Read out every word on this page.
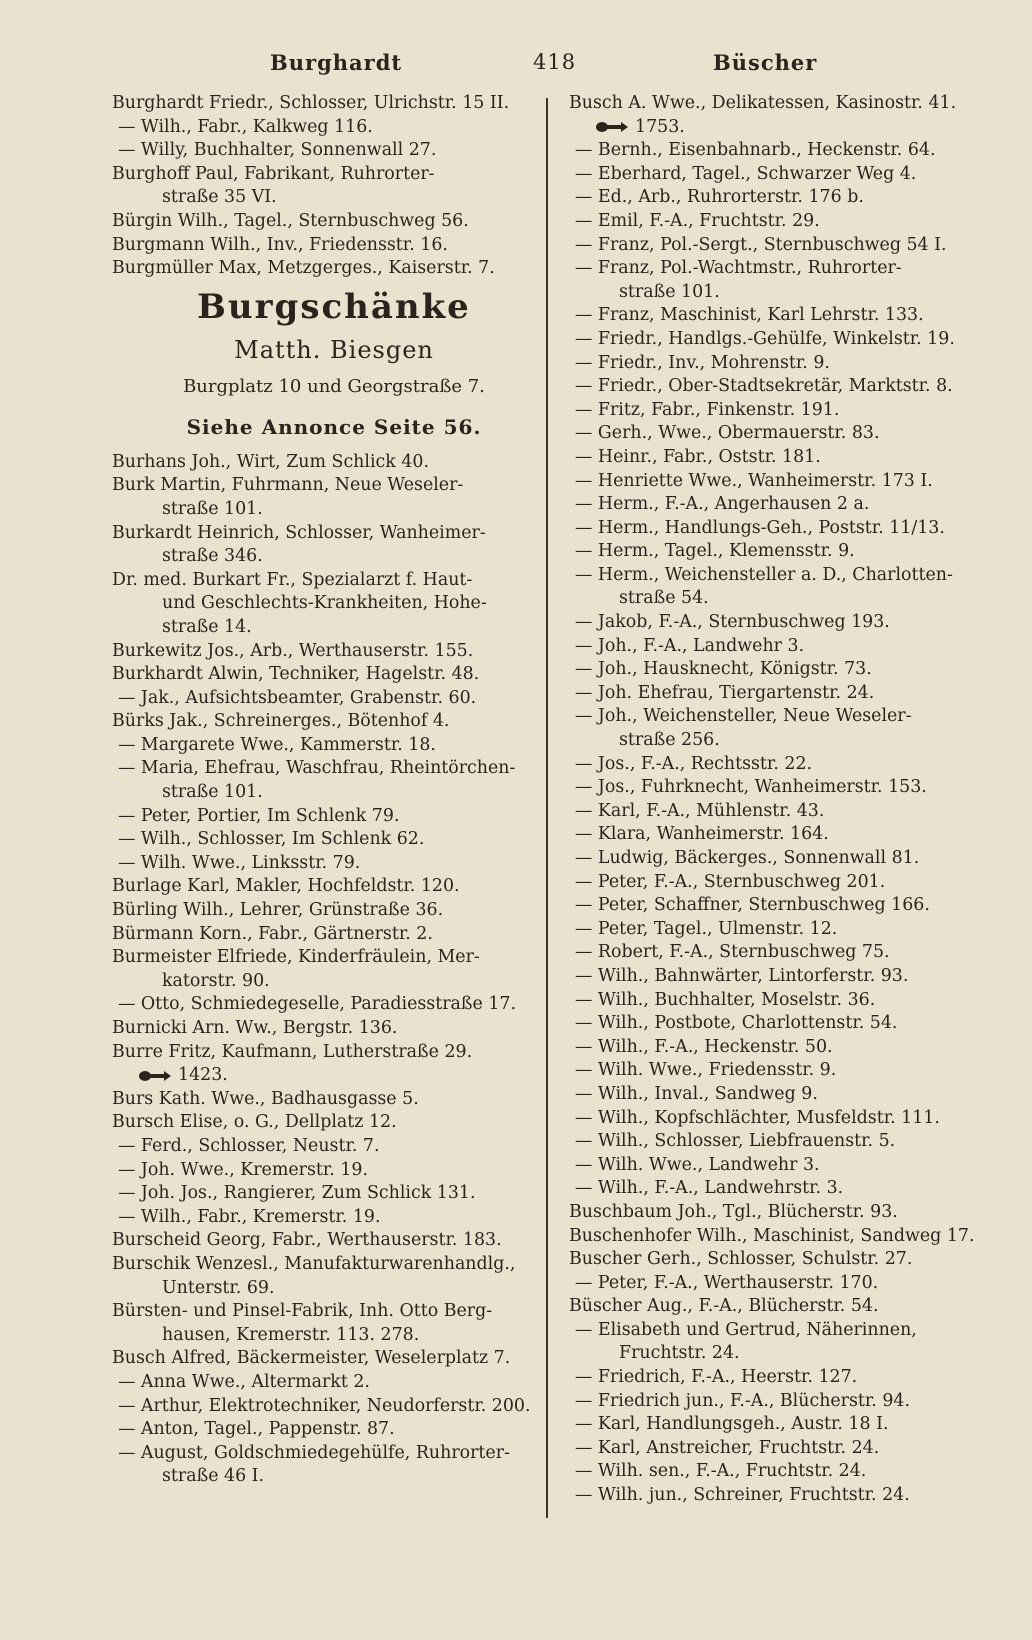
Burghardt	418	Büscher
Burghardt Friedr., Schlosser, Ulrichstr. 15 II.
— Wilh., Fabr., Kalkweg 116.
— Willy, Buchhalter, Sonnenwall 27.
Burghoff Paul, Fabrikant, Ruhrorter-
straße 35 VI.
Bürgin Wilh., Tagel., Sternbuschweg 56.
Burgmann Wilh., Inv., Friedensstr. 16.
Burgmüller Max, Metzgerges., Kaiserstr. 7.
Burgschänke
Matth. Biesgen
Burgplatz 10 und Georgstraße 7.
Siehe Annonce Seite 56.
Burhans Joh., Wirt, Zum Schlick 40.
Burk Martin, Fuhrmann, Neue Weseler-
straße 101.
Burkardt Heinrich, Schlosser, Wanheimer-
straße 346.
Dr. med. Burkart Fr., Spezialarzt f. Haut-
und Geschlechts-Krankheiten, Hohe-
straße 14.
Burkewitz Jos., Arb., Werthauserstr. 155.
Burkhardt Alwin, Techniker, Hagelstr. 48.
— Jak., Aufsichtsbeamter, Grabenstr. 60.
Bürks Jak., Schreinerges., Bötenhof 4.
— Margarete Wwe., Kammerstr. 18.
— Maria, Ehefrau, Waschfrau, Rheintörchen-
straße 101.
— Peter, Portier, Im Schlenk 79.
— Wilh., Schlosser, Im Schlenk 62.
— Wilh. Wwe., Linksstr. 79.
Burlage Karl, Makler, Hochfeldstr. 120.
Bürling Wilh., Lehrer, Grünstraße 36.
Bürmann Korn., Fabr., Gärtnerstr. 2.
Burmeister Elfriede, Kinderfräulein, Mer-
katorstr. 90.
— Otto, Schmiedegeselle, Paradiesstraße 17.
Burnicki Arn. Ww., Bergstr. 136.
Burre Fritz, Kaufmann, Lutherstraße 29.
1423.
Burs Kath. Wwe., Badhausgasse 5.
Bursch Elise, o. G., Dellplatz 12.
— Ferd., Schlosser, Neustr. 7.
— Joh. Wwe., Kremerstr. 19.
— Joh. Jos., Rangierer, Zum Schlick 131.
— Wilh., Fabr., Kremerstr. 19.
Burscheid Georg, Fabr., Werthauserstr. 183.
Burschik Wenzesl., Manufakturwarenhandlg.,
Unterstr. 69.
Bürsten- und Pinsel-Fabrik, Inh. Otto Berg-
hausen, Kremerstr. 113. 278.
Busch Alfred, Bäckermeister, Weselerplatz 7.
— Anna Wwe., Altermarkt 2.
— Arthur, Elektrotechniker, Neudorferstr. 200.
— Anton, Tagel., Pappenstr. 87.
— August, Goldschmiedegehülfe, Ruhrorter-
straße 46 I.
Busch A. Wwe., Delikatessen, Kasinostr. 41.
1753.
— Bernh., Eisenbahnarb., Heckenstr. 64.
— Eberhard, Tagel., Schwarzer Weg 4.
— Ed., Arb., Ruhrorterstr. 176 b.
— Emil, F.-A., Fruchtstr. 29.
— Franz, Pol.-Sergt., Sternbuschweg 54 I.
— Franz, Pol.-Wachtmstr., Ruhrorter-
straße 101.
— Franz, Maschinist, Karl Lehrstr. 133.
— Friedr., Handlgs.-Gehülfe, Winkelstr. 19.
— Friedr., Inv., Mohrenstr. 9.
— Friedr., Ober-Stadtsekretär, Marktstr. 8.
— Fritz, Fabr., Finkenstr. 191.
— Gerh., Wwe., Obermauerstr. 83.
— Heinr., Fabr., Oststr. 181.
— Henriette Wwe., Wanheimerstr. 173 I.
— Herm., F.-A., Angerhausen 2 a.
— Herm., Handlungs-Geh., Poststr. 11/13.
— Herm., Tagel., Klemensstr. 9.
— Herm., Weichensteller a. D., Charlotten-
straße 54.
— Jakob, F.-A., Sternbuschweg 193.
— Joh., F.-A., Landwehr 3.
— Joh., Hausknecht, Königstr. 73.
— Joh. Ehefrau, Tiergartenstr. 24.
— Joh., Weichensteller, Neue Weseler-
straße 256.
— Jos., F.-A., Rechtsstr. 22.
— Jos., Fuhrknecht, Wanheimerstr. 153.
— Karl, F.-A., Mühlenstr. 43.
— Klara, Wanheimerstr. 164.
— Ludwig, Bäckerges., Sonnenwall 81.
— Peter, F.-A., Sternbuschweg 201.
— Peter, Schaffner, Sternbuschweg 166.
— Peter, Tagel., Ulmenstr. 12.
— Robert, F.-A., Sternbuschweg 75.
— Wilh., Bahnwärter, Lintorferstr. 93.
— Wilh., Buchhalter, Moselstr. 36.
— Wilh., Postbote, Charlottenstr. 54.
— Wilh., F.-A., Heckenstr. 50.
— Wilh. Wwe., Friedensstr. 9.
— Wilh., Inval., Sandweg 9.
— Wilh., Kopfschlächter, Musfeldstr. 111.
— Wilh., Schlosser, Liebfrauenstr. 5.
— Wilh. Wwe., Landwehr 3.
— Wilh., F.-A., Landwehrstr. 3.
Buschbaum Joh., Tgl., Blücherstr. 93.
Buschenhofer Wilh., Maschinist, Sandweg 17.
Buscher Gerh., Schlosser, Schulstr. 27.
— Peter, F.-A., Werthauserstr. 170.
Büscher Aug., F.-A., Blücherstr. 54.
— Elisabeth und Gertrud, Näherinnen,
Fruchtstr. 24.
— Friedrich, F.-A., Heerstr. 127.
— Friedrich jun., F.-A., Blücherstr. 94.
— Karl, Handlungsgeh., Austr. 18 I.
— Karl, Anstreicher, Fruchtstr. 24.
— Wilh. sen., F.-A., Fruchtstr. 24.
— Wilh. jun., Schreiner, Fruchtstr. 24.
